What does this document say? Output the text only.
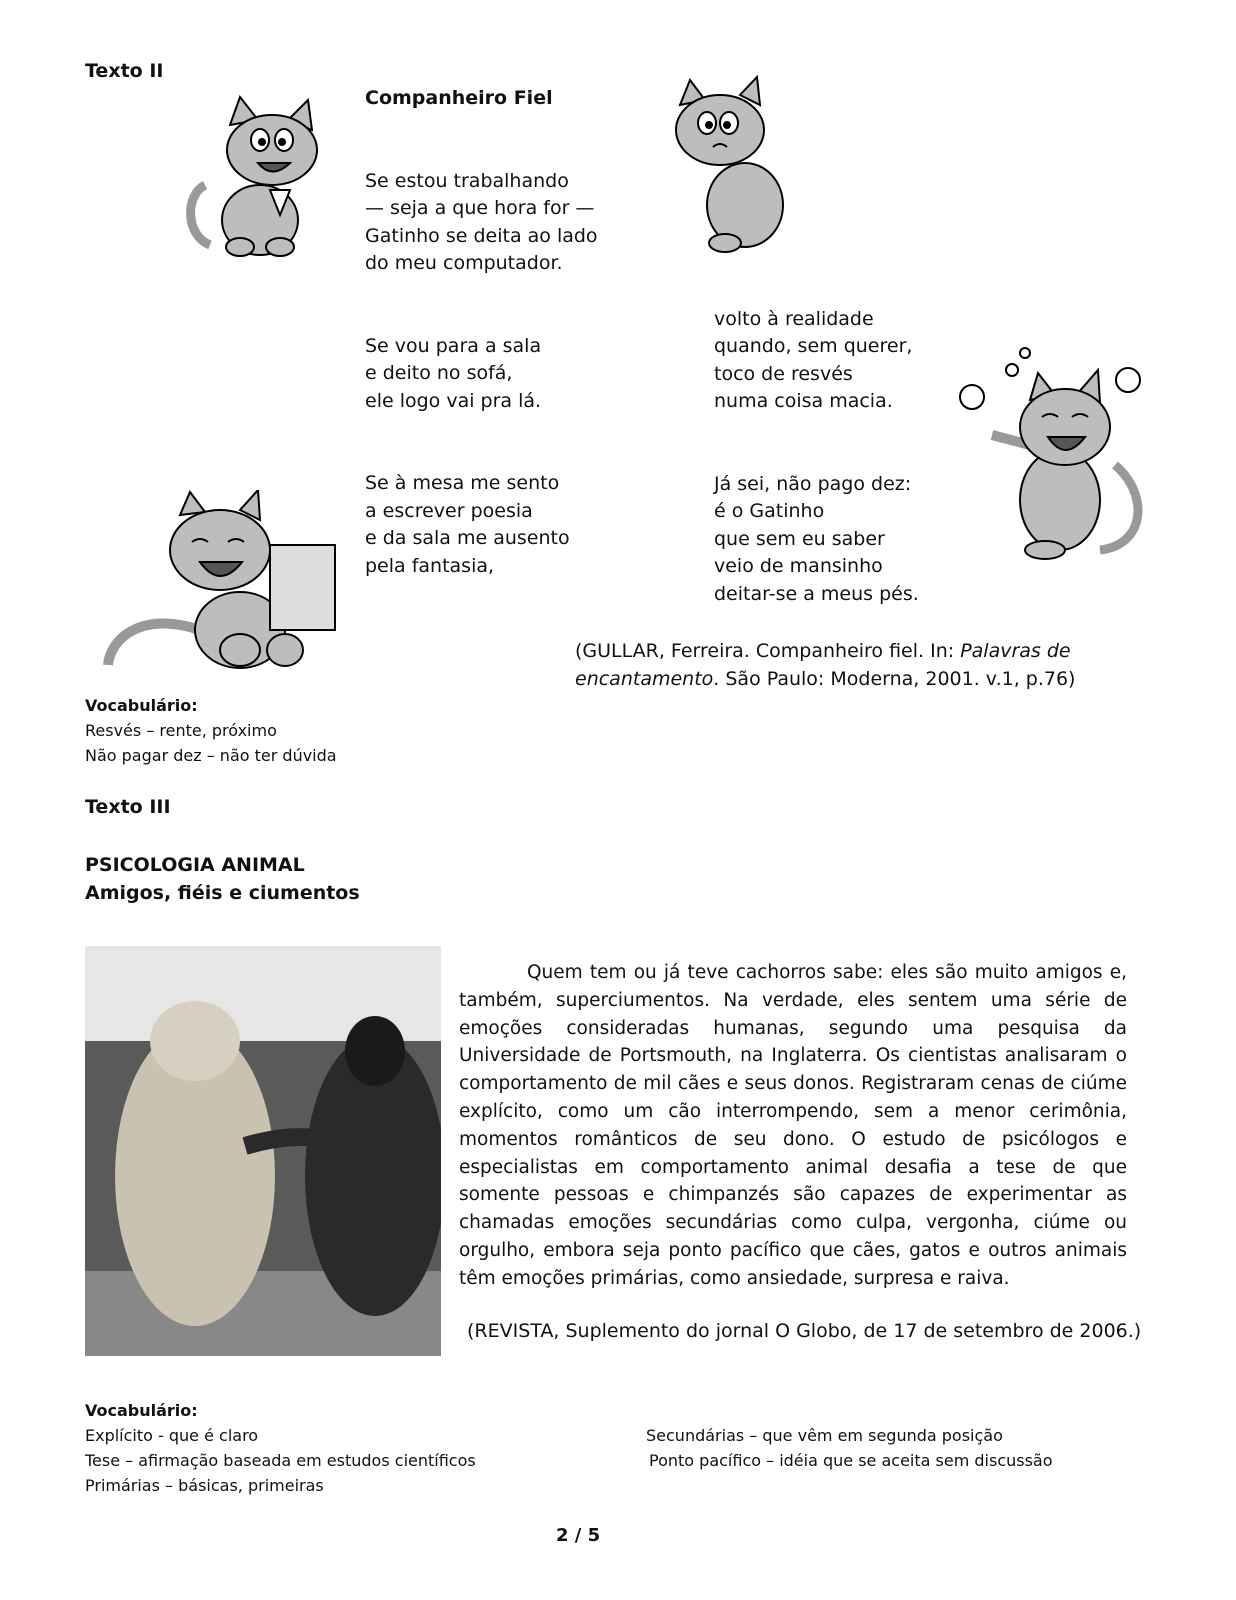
Texto II
Companheiro Fiel

Se estou trabalhando
— seja a que hora for —
Gatinho se deita ao lado
do meu computador.

Se vou para a sala
e deito no sofá,
ele logo vai pra lá.

Se à mesa me sento
a escrever poesia
e da sala me ausento
pela fantasia,

volto à realidade
quando, sem querer,
toco de resvés
numa coisa macia.

Já sei, não pago dez:
é o Gatinho
que sem eu saber
veio de mansinho
deitar-se a meus pés.

(GULLAR, Ferreira. Companheiro fiel. In: Palavras de encantamento. São Paulo: Moderna, 2001. v.1, p.76)
Vocabulário:
Resvés – rente, próximo
Não pagar dez – não ter dúvida
Texto III
PSICOLOGIA ANIMAL
Amigos, fiéis e ciumentos
Quem tem ou já teve cachorros sabe: eles são muito amigos e, também, superciumentos. Na verdade, eles sentem uma série de emoções consideradas humanas, segundo uma pesquisa da Universidade de Portsmouth, na Inglaterra. Os cientistas analisaram o comportamento de mil cães e seus donos. Registraram cenas de ciúme explícito, como um cão interrompendo, sem a menor cerimônia, momentos românticos de seu dono. O estudo de psicólogos e especialistas em comportamento animal desafia a tese de que somente pessoas e chimpanzés são capazes de experimentar as chamadas emoções secundárias como culpa, vergonha, ciúme ou orgulho, embora seja ponto pacífico que cães, gatos e outros animais têm emoções primárias, como ansiedade, surpresa e raiva.
(REVISTA, Suplemento do jornal O Globo, de 17 de setembro de 2006.)
Vocabulário:
Explícito - que é claro
Tese – afirmação baseada em estudos científicos
Primárias – básicas, primeiras
Secundárias – que vêm em segunda posição
Ponto pacífico – idéia que se aceita sem discussão
2 / 5
